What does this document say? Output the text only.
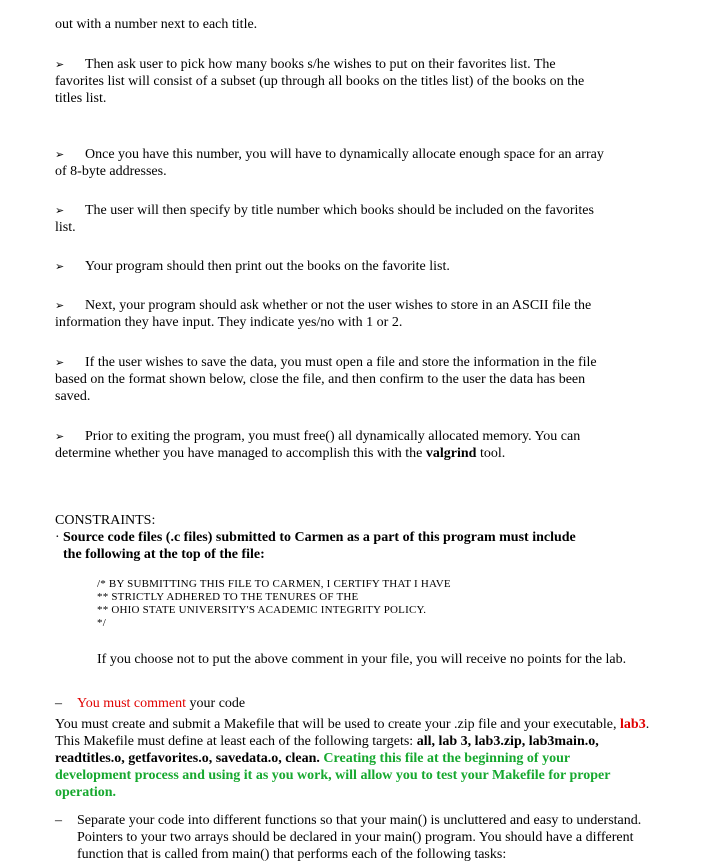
out with a number next to each title.
➢ Then ask user to pick how many books s/he wishes to put on their favorites list. The
favorites list will consist of a subset (up through all books on the titles list) of the books on the
titles list.
➢ Once you have this number, you will have to dynamically allocate enough space for an array
of 8-byte addresses.
➢ The user will then specify by title number which books should be included on the favorites
list.
➢ Your program should then print out the books on the favorite list.
➢ Next, your program should ask whether or not the user wishes to store in an ASCII file the
information they have input. They indicate yes/no with 1 or 2.
➢ If the user wishes to save the data, you must open a file and store the information in the file
based on the format shown below, close the file, and then confirm to the user the data has been
saved.
➢ Prior to exiting the program, you must free() all dynamically allocated memory. You can
determine whether you have managed to accomplish this with the valgrind tool.
CONSTRAINTS:
· Source code files (.c files) submitted to Carmen as a part of this program must include
the following at the top of the file:
/* BY SUBMITTING THIS FILE TO CARMEN, I CERTIFY THAT I HAVE
** STRICTLY ADHERED TO THE TENURES OF THE
** OHIO STATE UNIVERSITY'S ACADEMIC INTEGRITY POLICY.
*/
If you choose not to put the above comment in your file, you will receive no points for the lab.
– You must comment your code
You must create and submit a Makefile that will be used to create your .zip file and your executable, lab3.
This Makefile must define at least each of the following targets: all, lab 3, lab3.zip, lab3main.o,
readtitles.o, getfavorites.o, savedata.o, clean. Creating this file at the beginning of your
development process and using it as you work, will allow you to test your Makefile for proper
operation.
– Separate your code into different functions so that your main() is uncluttered and easy to understand.
Pointers to your two arrays should be declared in your main() program. You should have a different
function that is called from main() that performs each of the following tasks:
